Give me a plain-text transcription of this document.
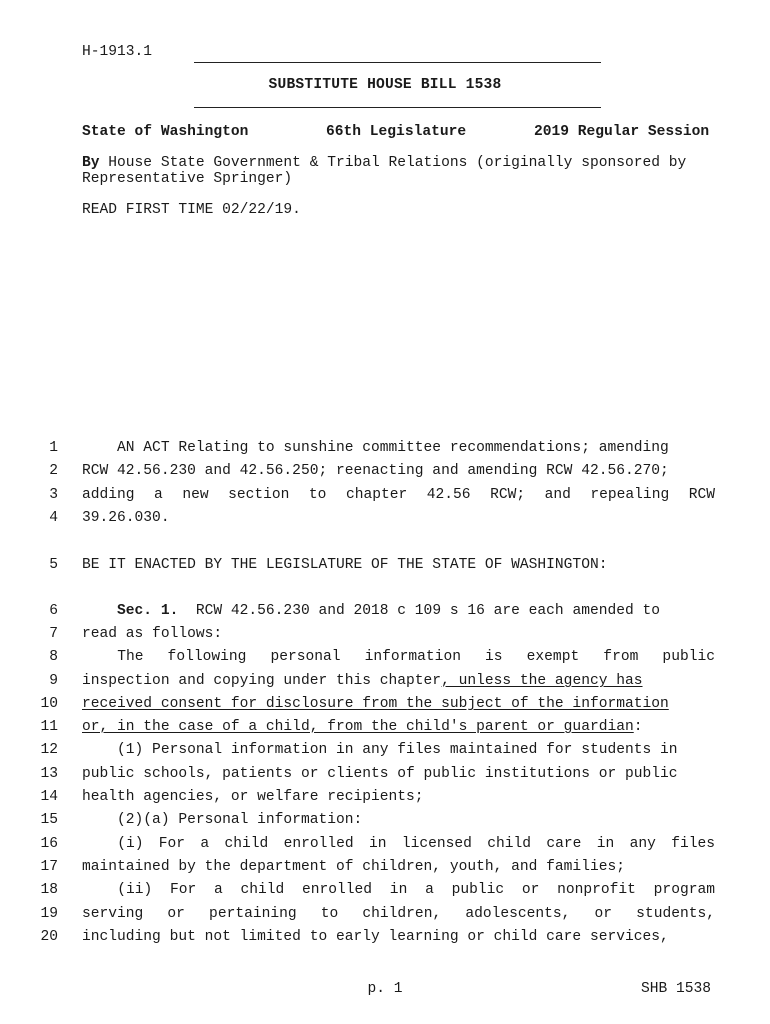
H-1913.1
SUBSTITUTE HOUSE BILL 1538
State of Washington	66th Legislature	2019 Regular Session
By House State Government & Tribal Relations (originally sponsored by
Representative Springer)
READ FIRST TIME 02/22/19.
1 AN ACT Relating to sunshine committee recommendations; amending
2 RCW 42.56.230 and 42.56.250; reenacting and amending RCW 42.56.270;
3 adding a new section to chapter 42.56 RCW; and repealing RCW
4 39.26.030.
5 BE IT ENACTED BY THE LEGISLATURE OF THE STATE OF WASHINGTON:
6	Sec. 1.  RCW 42.56.230 and 2018 c 109 s 16 are each amended to
7 read as follows:
8	The following personal information is exempt from public
9 inspection and copying under this chapter, unless the agency has
10 received consent for disclosure from the subject of the information
11 or, in the case of a child, from the child's parent or guardian:
12 (1) Personal information in any files maintained for students in
13 public schools, patients or clients of public institutions or public
14 health agencies, or welfare recipients;
15 (2)(a) Personal information:
16	(i) For a child enrolled in licensed child care in any files
17 maintained by the department of children, youth, and families;
18	(ii) For a child enrolled in a public or nonprofit program
19 serving or pertaining to children, adolescents, or students,
20 including but not limited to early learning or child care services,
p. 1	SHB 1538
